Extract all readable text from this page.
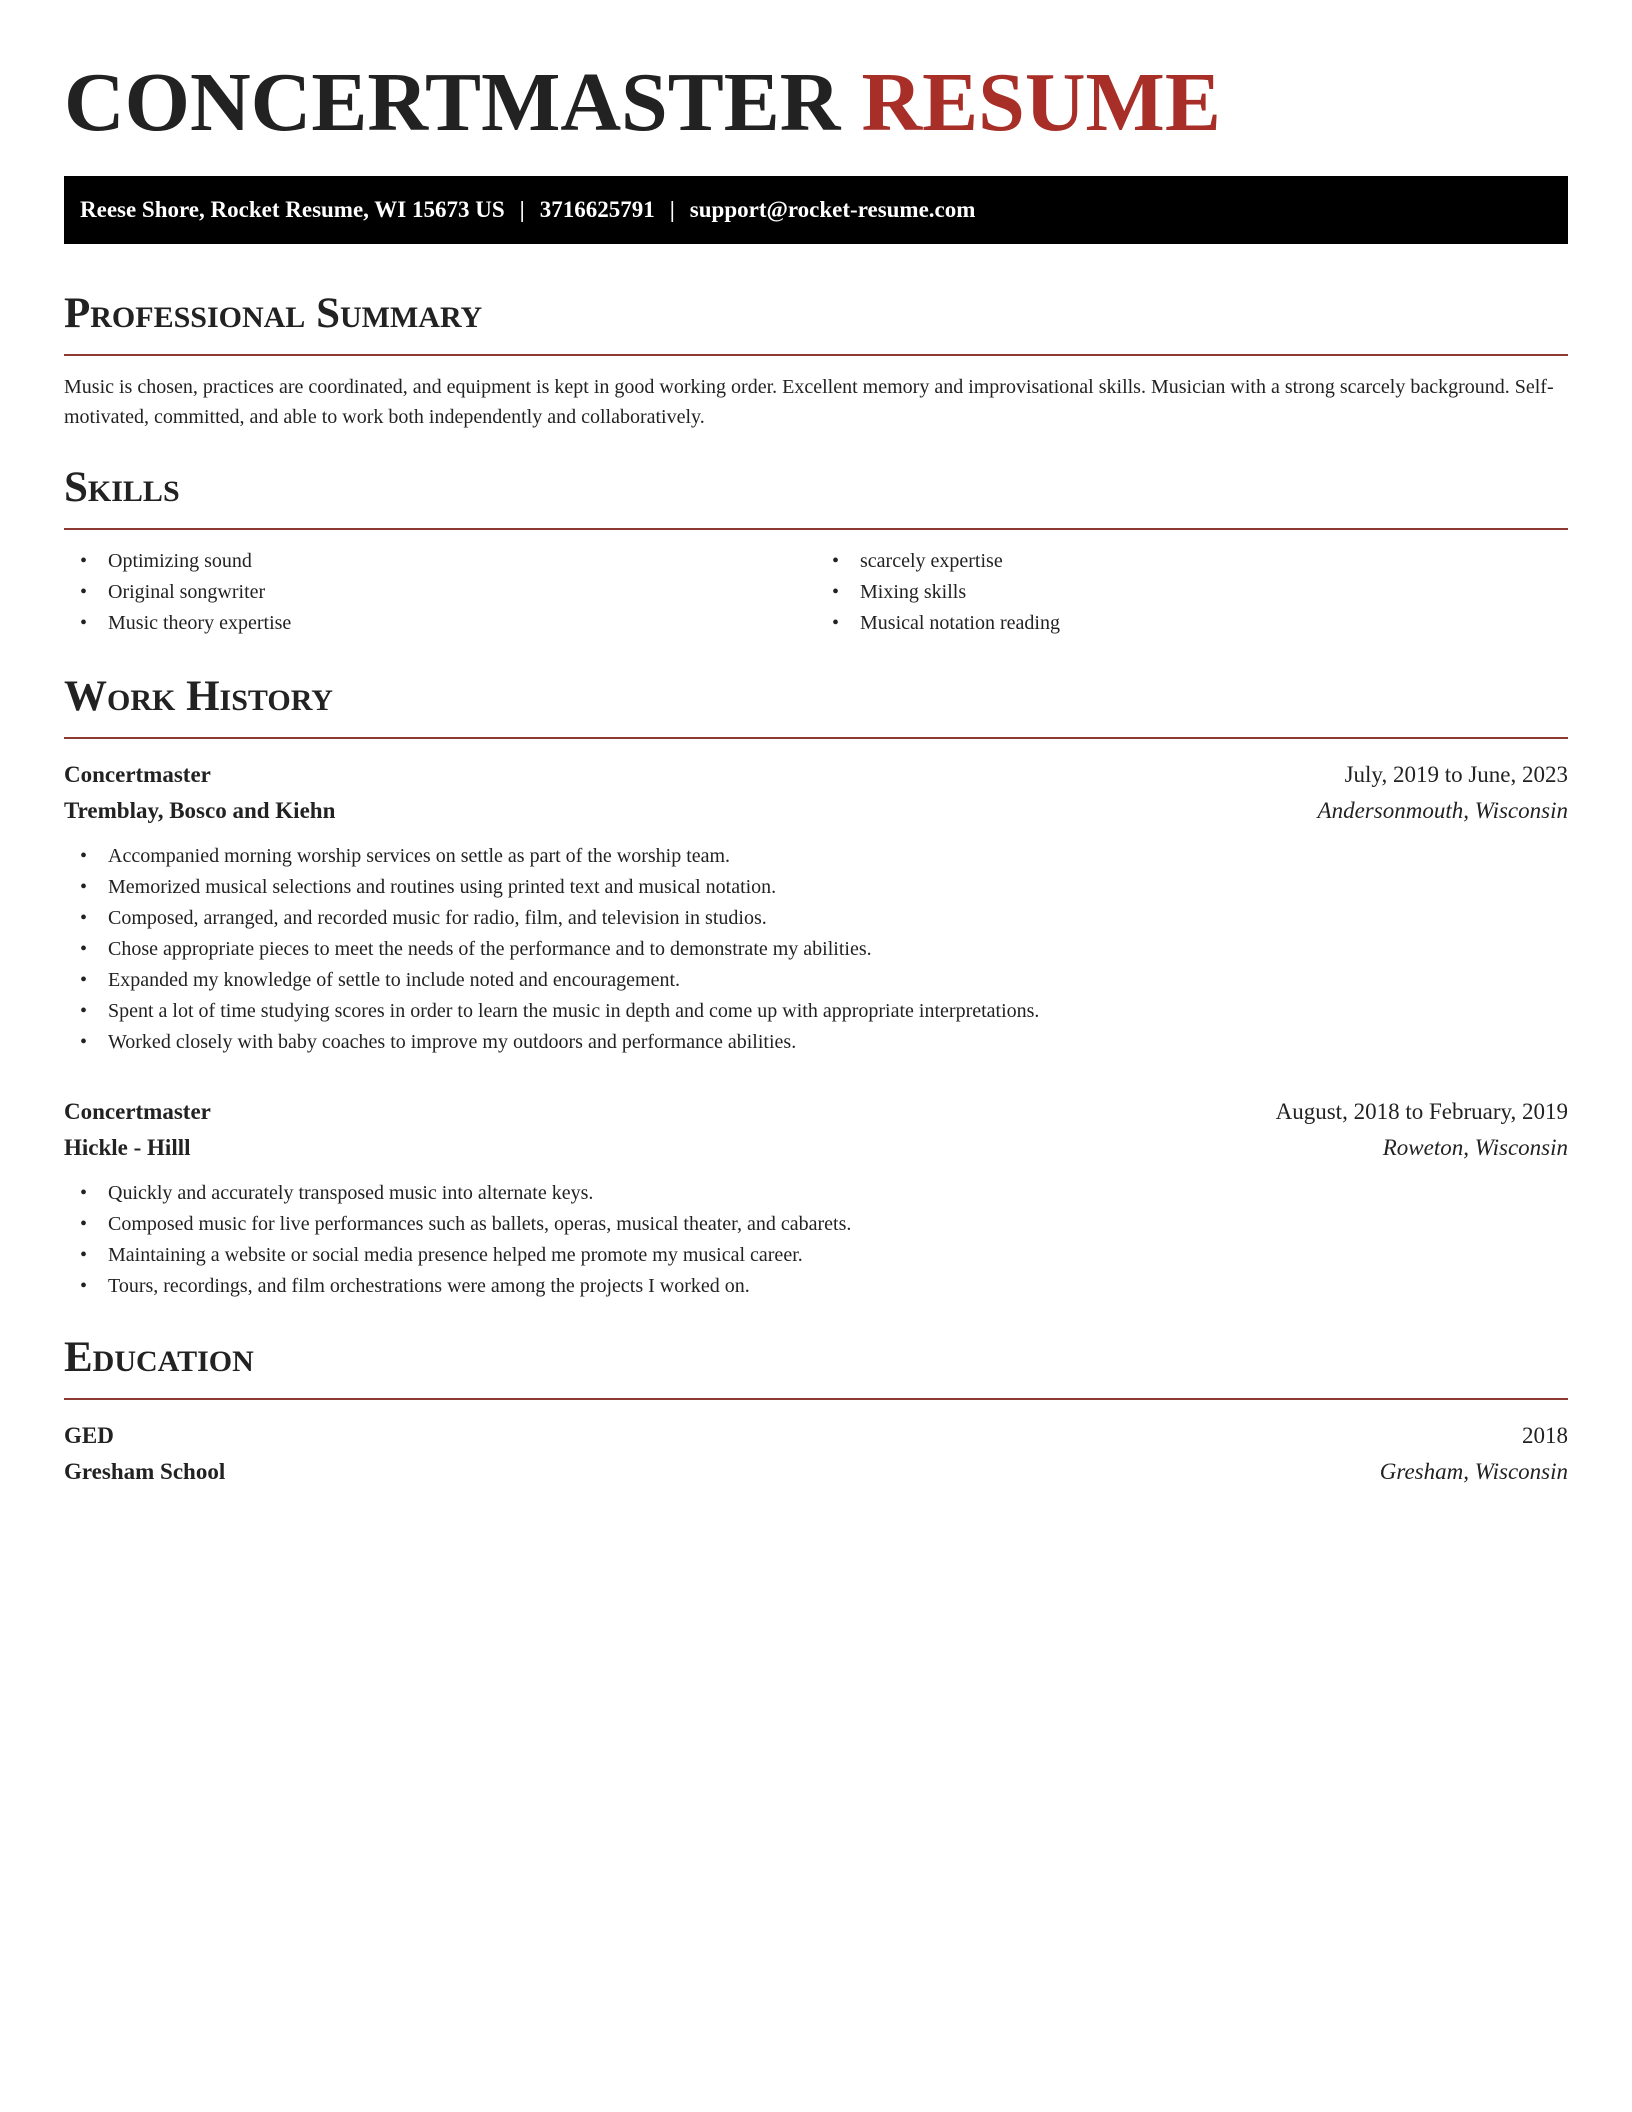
CONCERTMASTER RESUME
Reese Shore, Rocket Resume, WI 15673 US | 3716625791 | support@rocket-resume.com
Professional Summary

Music is chosen, practices are coordinated, and equipment is kept in good working order. Excellent memory and improvisational skills. Musician with a strong scarcely background. Self-motivated, committed, and able to work both independently and collaboratively.

Skills
• Optimizing sound
• Original songwriter
• Music theory expertise
• scarcely expertise
• Mixing skills
• Musical notation reading
Work History
Concertmaster	July, 2019 to June, 2023
Tremblay, Bosco and Kiehn	Andersonmouth, Wisconsin
• Accompanied morning worship services on settle as part of the worship team.
• Memorized musical selections and routines using printed text and musical notation.
• Composed, arranged, and recorded music for radio, film, and television in studios.
• Chose appropriate pieces to meet the needs of the performance and to demonstrate my abilities.
• Expanded my knowledge of settle to include noted and encouragement.
• Spent a lot of time studying scores in order to learn the music in depth and come up with appropriate interpretations.
• Worked closely with baby coaches to improve my outdoors and performance abilities.
Concertmaster	August, 2018 to February, 2019
Hickle - Hilll	Roweton, Wisconsin
• Quickly and accurately transposed music into alternate keys.
• Composed music for live performances such as ballets, operas, musical theater, and cabarets.
• Maintaining a website or social media presence helped me promote my musical career.
• Tours, recordings, and film orchestrations were among the projects I worked on.
Education
GED	2018
Gresham School	Gresham, Wisconsin
